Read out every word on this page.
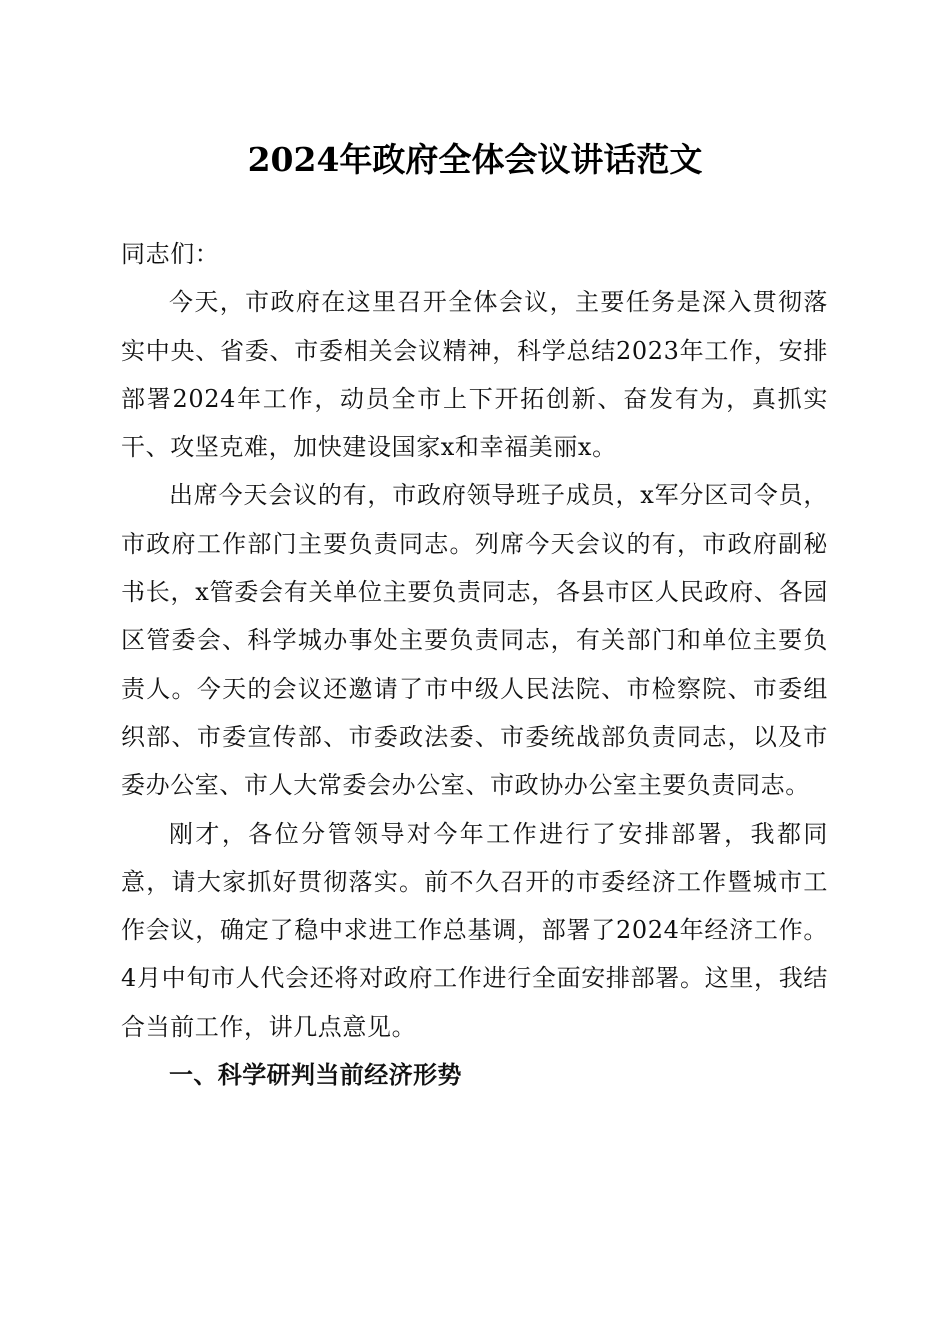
2024年政府全体会议讲话范文

同志们：

今天，市政府在这里召开全体会议，主要任务是深入贯彻落实中央、省委、市委相关会议精神，科学总结2023年工作，安排部署2024年工作，动员全市上下开拓创新、奋发有为，真抓实干、攻坚克难，加快建设国家x和幸福美丽x。

出席今天会议的有，市政府领导班子成员，x军分区司令员，市政府工作部门主要负责同志。列席今天会议的有，市政府副秘书长，x管委会有关单位主要负责同志，各县市区人民政府、各园区管委会、科学城办事处主要负责同志，有关部门和单位主要负责人。今天的会议还邀请了市中级人民法院、市检察院、市委组织部、市委宣传部、市委政法委、市委统战部负责同志，以及市委办公室、市人大常委会办公室、市政协办公室主要负责同志。

刚才，各位分管领导对今年工作进行了安排部署，我都同意，请大家抓好贯彻落实。前不久召开的市委经济工作暨城市工作会议，确定了稳中求进工作总基调，部署了2024年经济工作。4月中旬市人代会还将对政府工作进行全面安排部署。这里，我结合当前工作，讲几点意见。

一、科学研判当前经济形势
